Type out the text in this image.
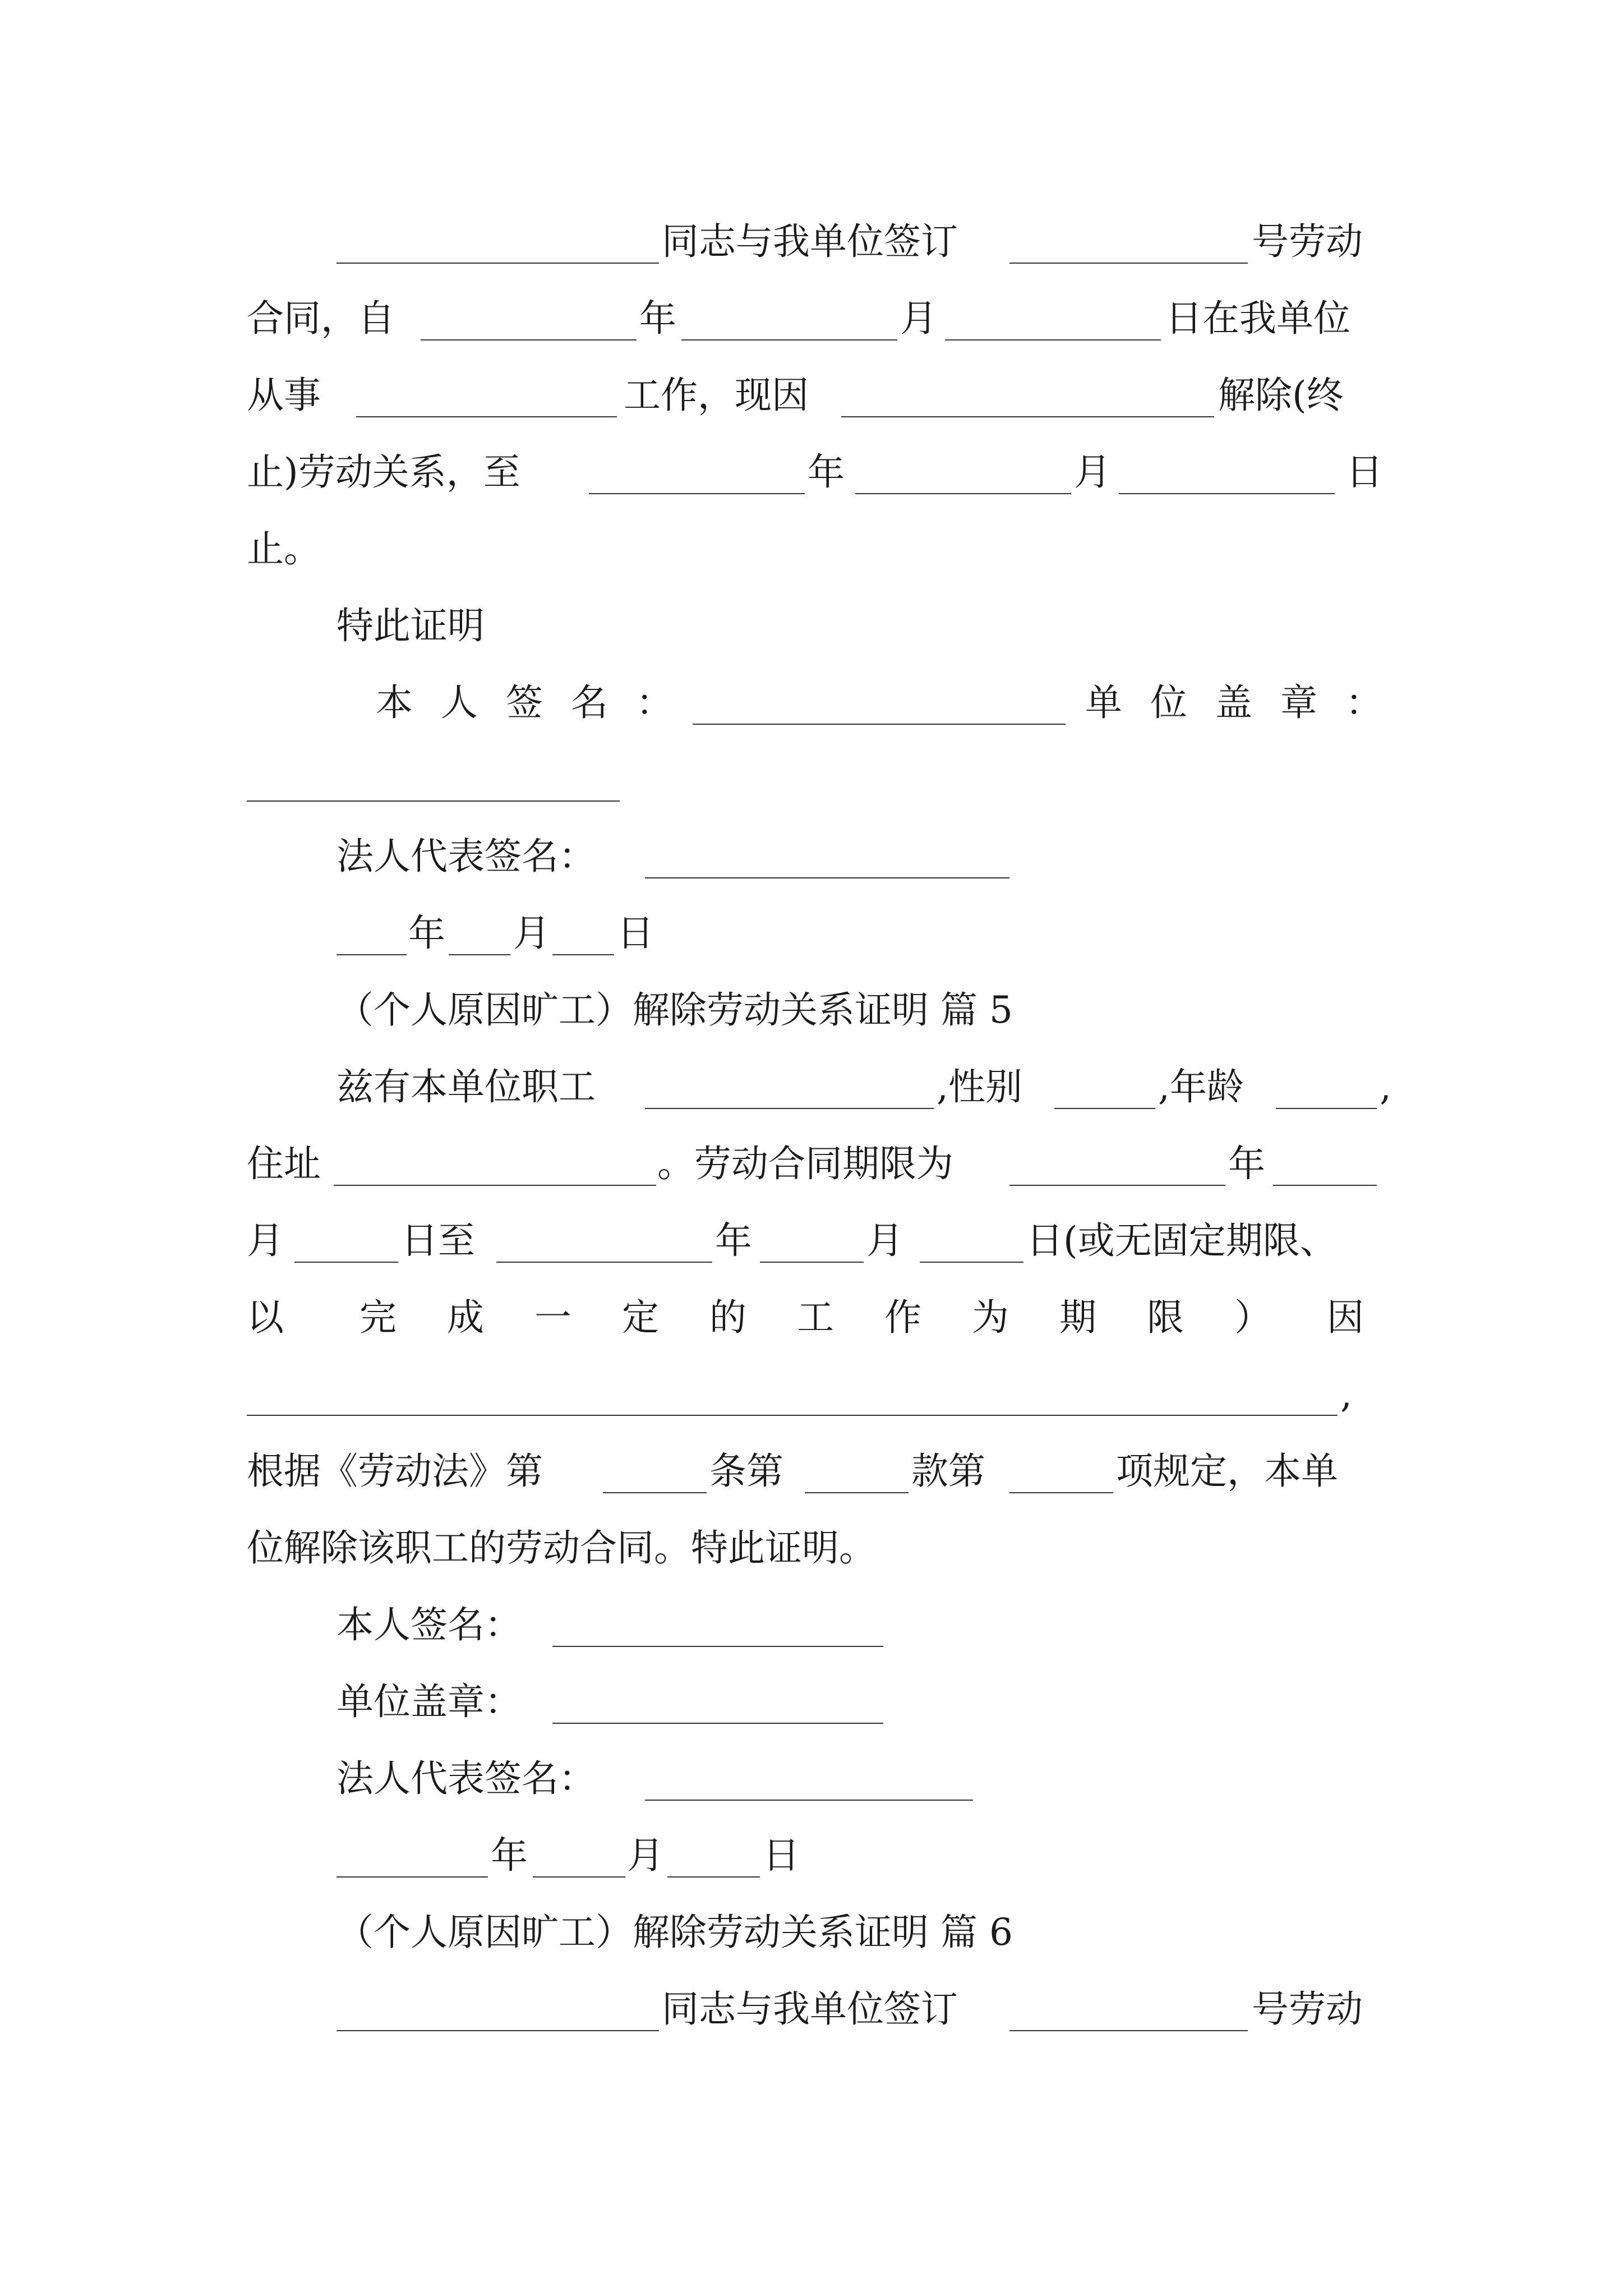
同志与我单位签订	号劳动
合同，自	年	月	日在我单位
从事	工作，现因	解除(终
止)劳动关系，至	年	月	日
止。
特此证明
本人签名：	单位盖章：
法人代表签名：
年 月 日
（个人原因旷工）解除劳动关系证明 篇 5
兹有本单位职工	,性别	,年龄	,
住址	。劳动合同期限为	年
月	日至	年	月	日(或无固定期限、
以 完 成 一 定 的 工 作 为 期 限 ） 因
,
根据《劳动法》第	条第	款第	项规定，本单
位解除该职工的劳动合同。特此证明。
本人签名：
单位盖章：
法人代表签名：
年	月	日
（个人原因旷工）解除劳动关系证明 篇 6
同志与我单位签订	号劳动
